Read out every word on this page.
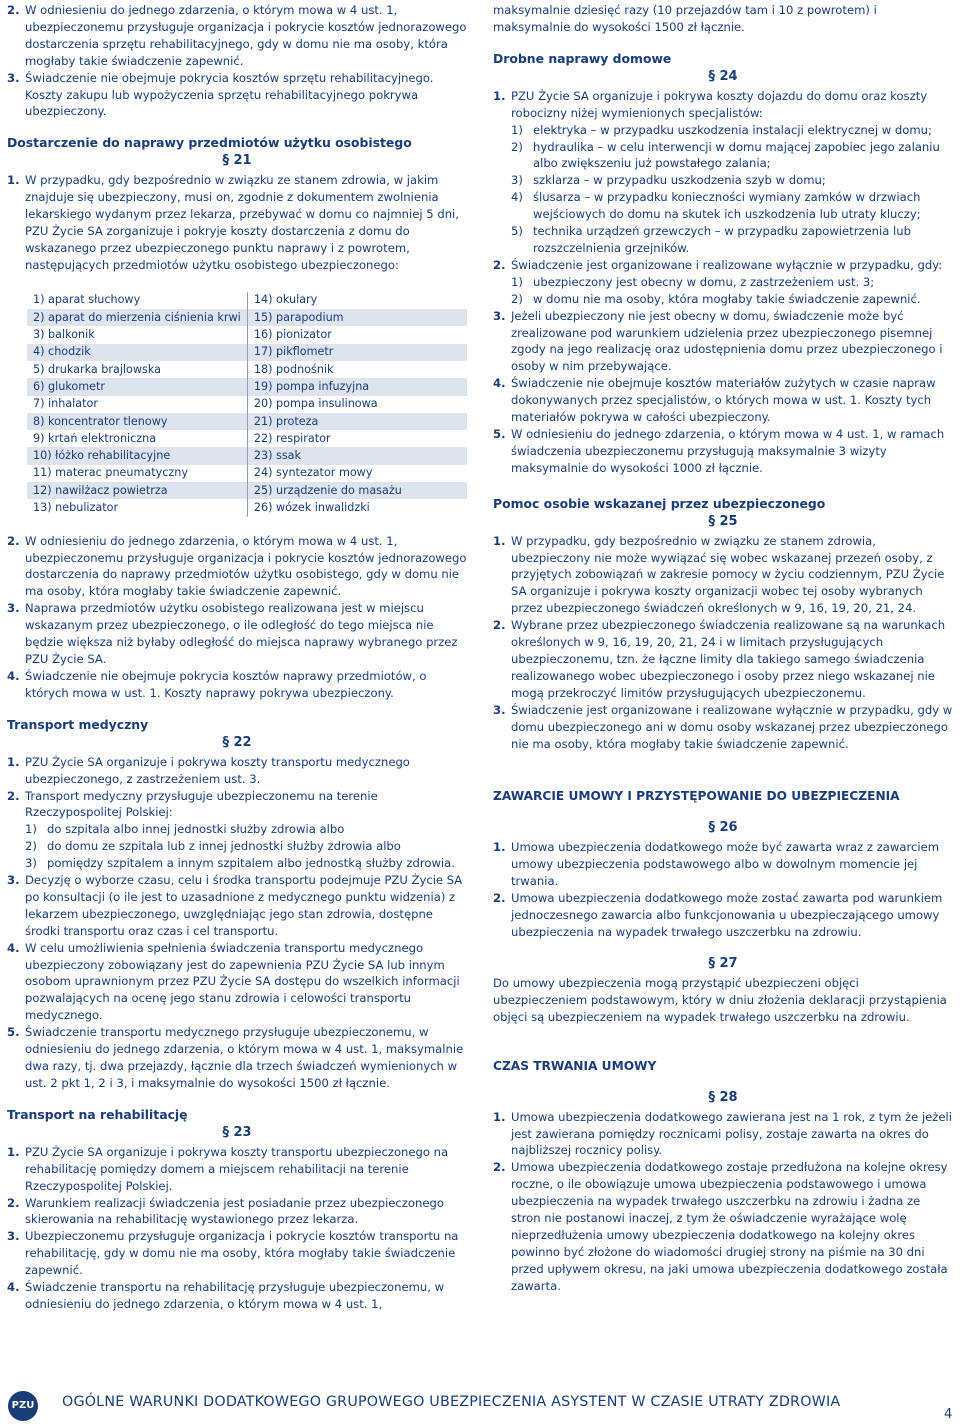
2. W odniesieniu do jednego zdarzenia, o którym mowa w 4 ust. 1, ubezpieczonemu przysługuje organizacja i pokrycie kosztów jednorazowego dostarczenia sprzętu rehabilitacyjnego, gdy w domu nie ma osoby, która mogłaby takie świadczenie zapewnić.
3. Świadczenie nie obejmuje pokrycia kosztów sprzętu rehabilitacyjnego. Koszty zakupu lub wypożyczenia sprzętu rehabilitacyjnego pokrywa ubezpieczony.
Dostarczenie do naprawy przedmiotów użytku osobistego
§ 21
1. W przypadku, gdy bezpośrednio w związku ze stanem zdrowia, w jakim znajduje się ubezpieczony, musi on, zgodnie z dokumentem zwolnienia lekarskiego wydanym przez lekarza, przebywać w domu co najmniej 5 dni, PZU Życie SA zorganizuje i pokryje koszty dostarczenia z domu do wskazanego przez ubezpieczonego punktu naprawy i z powrotem, następujących przedmiotów użytku osobistego ubezpieczonego:
1) aparat słuchowy	14) okulary
2) aparat do mierzenia ciśnienia krwi	15) parapodium
3) balkonik	16) pionizator
4) chodzik	17) pikflometr
5) drukarka brajlowska	18) podnośnik
6) glukometr	19) pompa infuzyjna
7) inhalator	20) pompa insulinowa
8) koncentrator tlenowy	21) proteza
9) krtań elektroniczna	22) respirator
10) łóżko rehabilitacyjne	23) ssak
11) materac pneumatyczny	24) syntezator mowy
12) nawilżacz powietrza	25) urządzenie do masażu
13) nebulizator	26) wózek inwalidzki
2. W odniesieniu do jednego zdarzenia, o którym mowa w 4 ust. 1, ubezpieczonemu przysługuje organizacja i pokrycie kosztów jednorazowego dostarczenia do naprawy przedmiotów użytku osobistego, gdy w domu nie ma osoby, która mogłaby takie świadczenie zapewnić.
3. Naprawa przedmiotów użytku osobistego realizowana jest w miejscu wskazanym przez ubezpieczonego, o ile odległość do tego miejsca nie będzie większa niż byłaby odległość do miejsca naprawy wybranego przez PZU Życie SA.
4. Świadczenie nie obejmuje pokrycia kosztów naprawy przedmiotów, o których mowa w ust. 1. Koszty naprawy pokrywa ubezpieczony.
Transport medyczny
§ 22
1. PZU Życie SA organizuje i pokrywa koszty transportu medycznego ubezpieczonego, z zastrzeżeniem ust. 3.
2. Transport medyczny przysługuje ubezpieczonemu na terenie Rzeczypospolitej Polskiej:
1) do szpitala albo innej jednostki służby zdrowia albo
2) do domu ze szpitala lub z innej jednostki służby zdrowia albo
3) pomiędzy szpitalem a innym szpitalem albo jednostką służby zdrowia.
3. Decyzję o wyborze czasu, celu i środka transportu podejmuje PZU Życie SA po konsultacji (o ile jest to uzasadnione z medycznego punktu widzenia) z lekarzem ubezpieczonego, uwzględniając jego stan zdrowia, dostępne środki transportu oraz czas i cel transportu.
4. W celu umożliwienia spełnienia świadczenia transportu medycznego ubezpieczony zobowiązany jest do zapewnienia PZU Życie SA lub innym osobom uprawnionym przez PZU Życie SA dostępu do wszelkich informacji pozwalających na ocenę jego stanu zdrowia i celowości transportu medycznego.
5. Świadczenie transportu medycznego przysługuje ubezpieczonemu, w odniesieniu do jednego zdarzenia, o którym mowa w 4 ust. 1, maksymalnie dwa razy, tj. dwa przejazdy, łącznie dla trzech świadczeń wymienionych w ust. 2 pkt 1, 2 i 3, i maksymalnie do wysokości 1500 zł łącznie.
Transport na rehabilitację
§ 23
1. PZU Życie SA organizuje i pokrywa koszty transportu ubezpieczonego na rehabilitację pomiędzy domem a miejscem rehabilitacji na terenie Rzeczypospolitej Polskiej.
2. Warunkiem realizacji świadczenia jest posiadanie przez ubezpieczonego skierowania na rehabilitację wystawionego przez lekarza.
3. Ubezpieczonemu przysługuje organizacja i pokrycie kosztów transportu na rehabilitację, gdy w domu nie ma osoby, która mogłaby takie świadczenie zapewnić.
4. Świadczenie transportu na rehabilitację przysługuje ubezpieczonemu, w odniesieniu do jednego zdarzenia, o którym mowa w 4 ust. 1,
maksymalnie dziesięć razy (10 przejazdów tam i 10 z powrotem) i maksymalnie do wysokości 1500 zł łącznie.
Drobne naprawy domowe
§ 24
1. PZU Życie SA organizuje i pokrywa koszty dojazdu do domu oraz koszty robocizny niżej wymienionych specjalistów:
1) elektryka – w przypadku uszkodzenia instalacji elektrycznej w domu;
2) hydraulika – w celu interwencji w domu mającej zapobiec jego zalaniu albo zwiększeniu już powstałego zalania;
3) szklarza – w przypadku uszkodzenia szyb w domu;
4) ślusarza – w przypadku konieczności wymiany zamków w drzwiach wejściowych do domu na skutek ich uszkodzenia lub utraty kluczy;
5) technika urządzeń grzewczych – w przypadku zapowietrzenia lub rozszczelnienia grzejników.
2. Świadczenie jest organizowane i realizowane wyłącznie w przypadku, gdy:
1) ubezpieczony jest obecny w domu, z zastrzeżeniem ust. 3;
2) w domu nie ma osoby, która mogłaby takie świadczenie zapewnić.
3. Jeżeli ubezpieczony nie jest obecny w domu, świadczenie może być zrealizowane pod warunkiem udzielenia przez ubezpieczonego pisemnej zgody na jego realizację oraz udostępnienia domu przez ubezpieczonego i osoby w nim przebywające.
4. Świadczenie nie obejmuje kosztów materiałów zużytych w czasie napraw dokonywanych przez specjalistów, o których mowa w ust. 1. Koszty tych materiałów pokrywa w całości ubezpieczony.
5. W odniesieniu do jednego zdarzenia, o którym mowa w 4 ust. 1, w ramach świadczenia ubezpieczonemu przysługują maksymalnie 3 wizyty maksymalnie do wysokości 1000 zł łącznie.
Pomoc osobie wskazanej przez ubezpieczonego
§ 25
1. W przypadku, gdy bezpośrednio w związku ze stanem zdrowia, ubezpieczony nie może wywiązać się wobec wskazanej przezeń osoby, z przyjętych zobowiązań w zakresie pomocy w życiu codziennym, PZU Życie SA organizuje i pokrywa koszty organizacji wobec tej osoby wybranych przez ubezpieczonego świadczeń określonych w 9, 16, 19, 20, 21, 24.
2. Wybrane przez ubezpieczonego świadczenia realizowane są na warunkach określonych w 9, 16, 19, 20, 21, 24 i w limitach przysługujących ubezpieczonemu, tzn. że łączne limity dla takiego samego świadczenia realizowanego wobec ubezpieczonego i osoby przez niego wskazanej nie mogą przekroczyć limitów przysługujących ubezpieczonemu.
3. Świadczenie jest organizowane i realizowane wyłącznie w przypadku, gdy w domu ubezpieczonego ani w domu osoby wskazanej przez ubezpieczonego nie ma osoby, która mogłaby takie świadczenie zapewnić.
ZAWARCIE UMOWY I PRZYSTĘPOWANIE DO UBEZPIECZENIA
§ 26
1. Umowa ubezpieczenia dodatkowego może być zawarta wraz z zawarciem umowy ubezpieczenia podstawowego albo w dowolnym momencie jej trwania.
2. Umowa ubezpieczenia dodatkowego może zostać zawarta pod warunkiem jednoczesnego zawarcia albo funkcjonowania u ubezpieczającego umowy ubezpieczenia na wypadek trwałego uszczerbku na zdrowiu.
§ 27
Do umowy ubezpieczenia mogą przystąpić ubezpieczeni objęci ubezpieczeniem podstawowym, który w dniu złożenia deklaracji przystąpienia objęci są ubezpieczeniem na wypadek trwałego uszczerbku na zdrowiu.
CZAS TRWANIA UMOWY
§ 28
1. Umowa ubezpieczenia dodatkowego zawierana jest na 1 rok, z tym że jeżeli jest zawierana pomiędzy rocznicami polisy, zostaje zawarta na okres do najbliższej rocznicy polisy.
2. Umowa ubezpieczenia dodatkowego zostaje przedłużona na kolejne okresy roczne, o ile obowiązuje umowa ubezpieczenia podstawowego i umowa ubezpieczenia na wypadek trwałego uszczerbku na zdrowiu i żadna ze stron nie postanowi inaczej, z tym że oświadczenie wyrażające wolę nieprzedłużenia umowy ubezpieczenia dodatkowego na kolejny okres powinno być złożone do wiadomości drugiej strony na piśmie na 30 dni przed upływem okresu, na jaki umowa ubezpieczenia dodatkowego została zawarta.
PZU OGÓLNE WARUNKI DODATKOWEGO GRUPOWEGO UBEZPIECZENIA ASYSTENT W CZASIE UTRATY ZDROWIA
4
